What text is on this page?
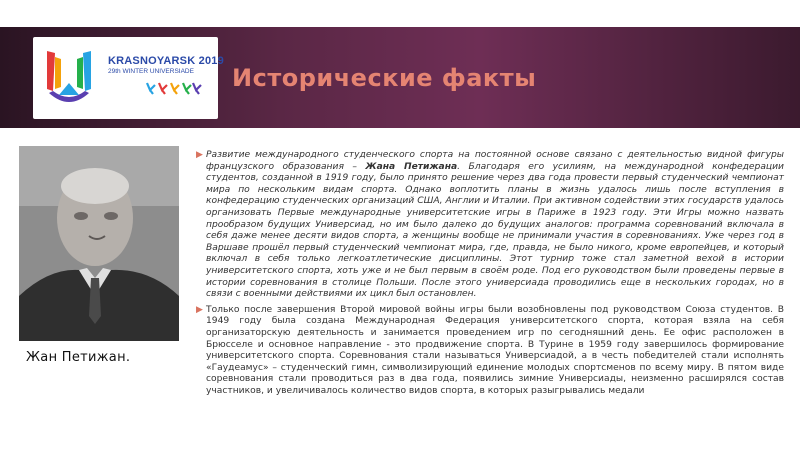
KRASNOYARSK 2019
29th WINTER UNIVERSIADE Исторические факты
Жан Петижан.

▶ Развитие международного студенческого спорта на постоянной основе связано с деятельностью видной фигуры французского образования – Жана Петижана. Благодаря его усилиям, на международной конфедерации студентов, созданной в 1919 году, было принято решение через два года провести первый студенческий чемпионат мира по нескольким видам спорта. Однако воплотить планы в жизнь удалось лишь после вступления в конфедерацию студенческих организаций США, Англии и Италии. При активном содействии этих государств удалось организовать Первые международные университетские игры в Париже в 1923 году. Эти Игры можно назвать прообразом будущих Универсиад, но им было далеко до будущих аналогов: программа соревнований включала в себя даже менее десяти видов спорта, а женщины вообще не принимали участия в соревнованиях. Уже через год в Варшаве прошёл первый студенческий чемпионат мира, где, правда, не было никого, кроме европейцев, и который включал в себя только легкоатлетические дисциплины. Этот турнир тоже стал заметной вехой в истории университетского спорта, хоть уже и не был первым в своём роде. Под его руководством были проведены первые в истории соревнования в столице Польши. После этого универсиада проводились еще в нескольких городах, но в связи с военными действиями их цикл был остановлен.

▶ Только после завершения Второй мировой войны игры были возобновлены под руководством Союза студентов. В 1949 году была создана Международная Федерация университетского спорта, которая взяла на себя организаторскую деятельность и занимается проведением игр по сегодняшний день. Ее офис расположен в Брюсселе и основное направление - это продвижение спорта. В Турине в 1959 году завершилось формирование университетского спорта. Соревнования стали называться Универсиадой, а в честь победителей стали исполнять «Гаудеамус» – студенческий гимн, символизирующий единение молодых спортсменов по всему миру. В пятом виде соревнования стали проводиться раз в два года, появились зимние Универсиады, неизменно расширялся состав участников, и увеличивалось количество видов спорта, в которых разыгрывались медали
